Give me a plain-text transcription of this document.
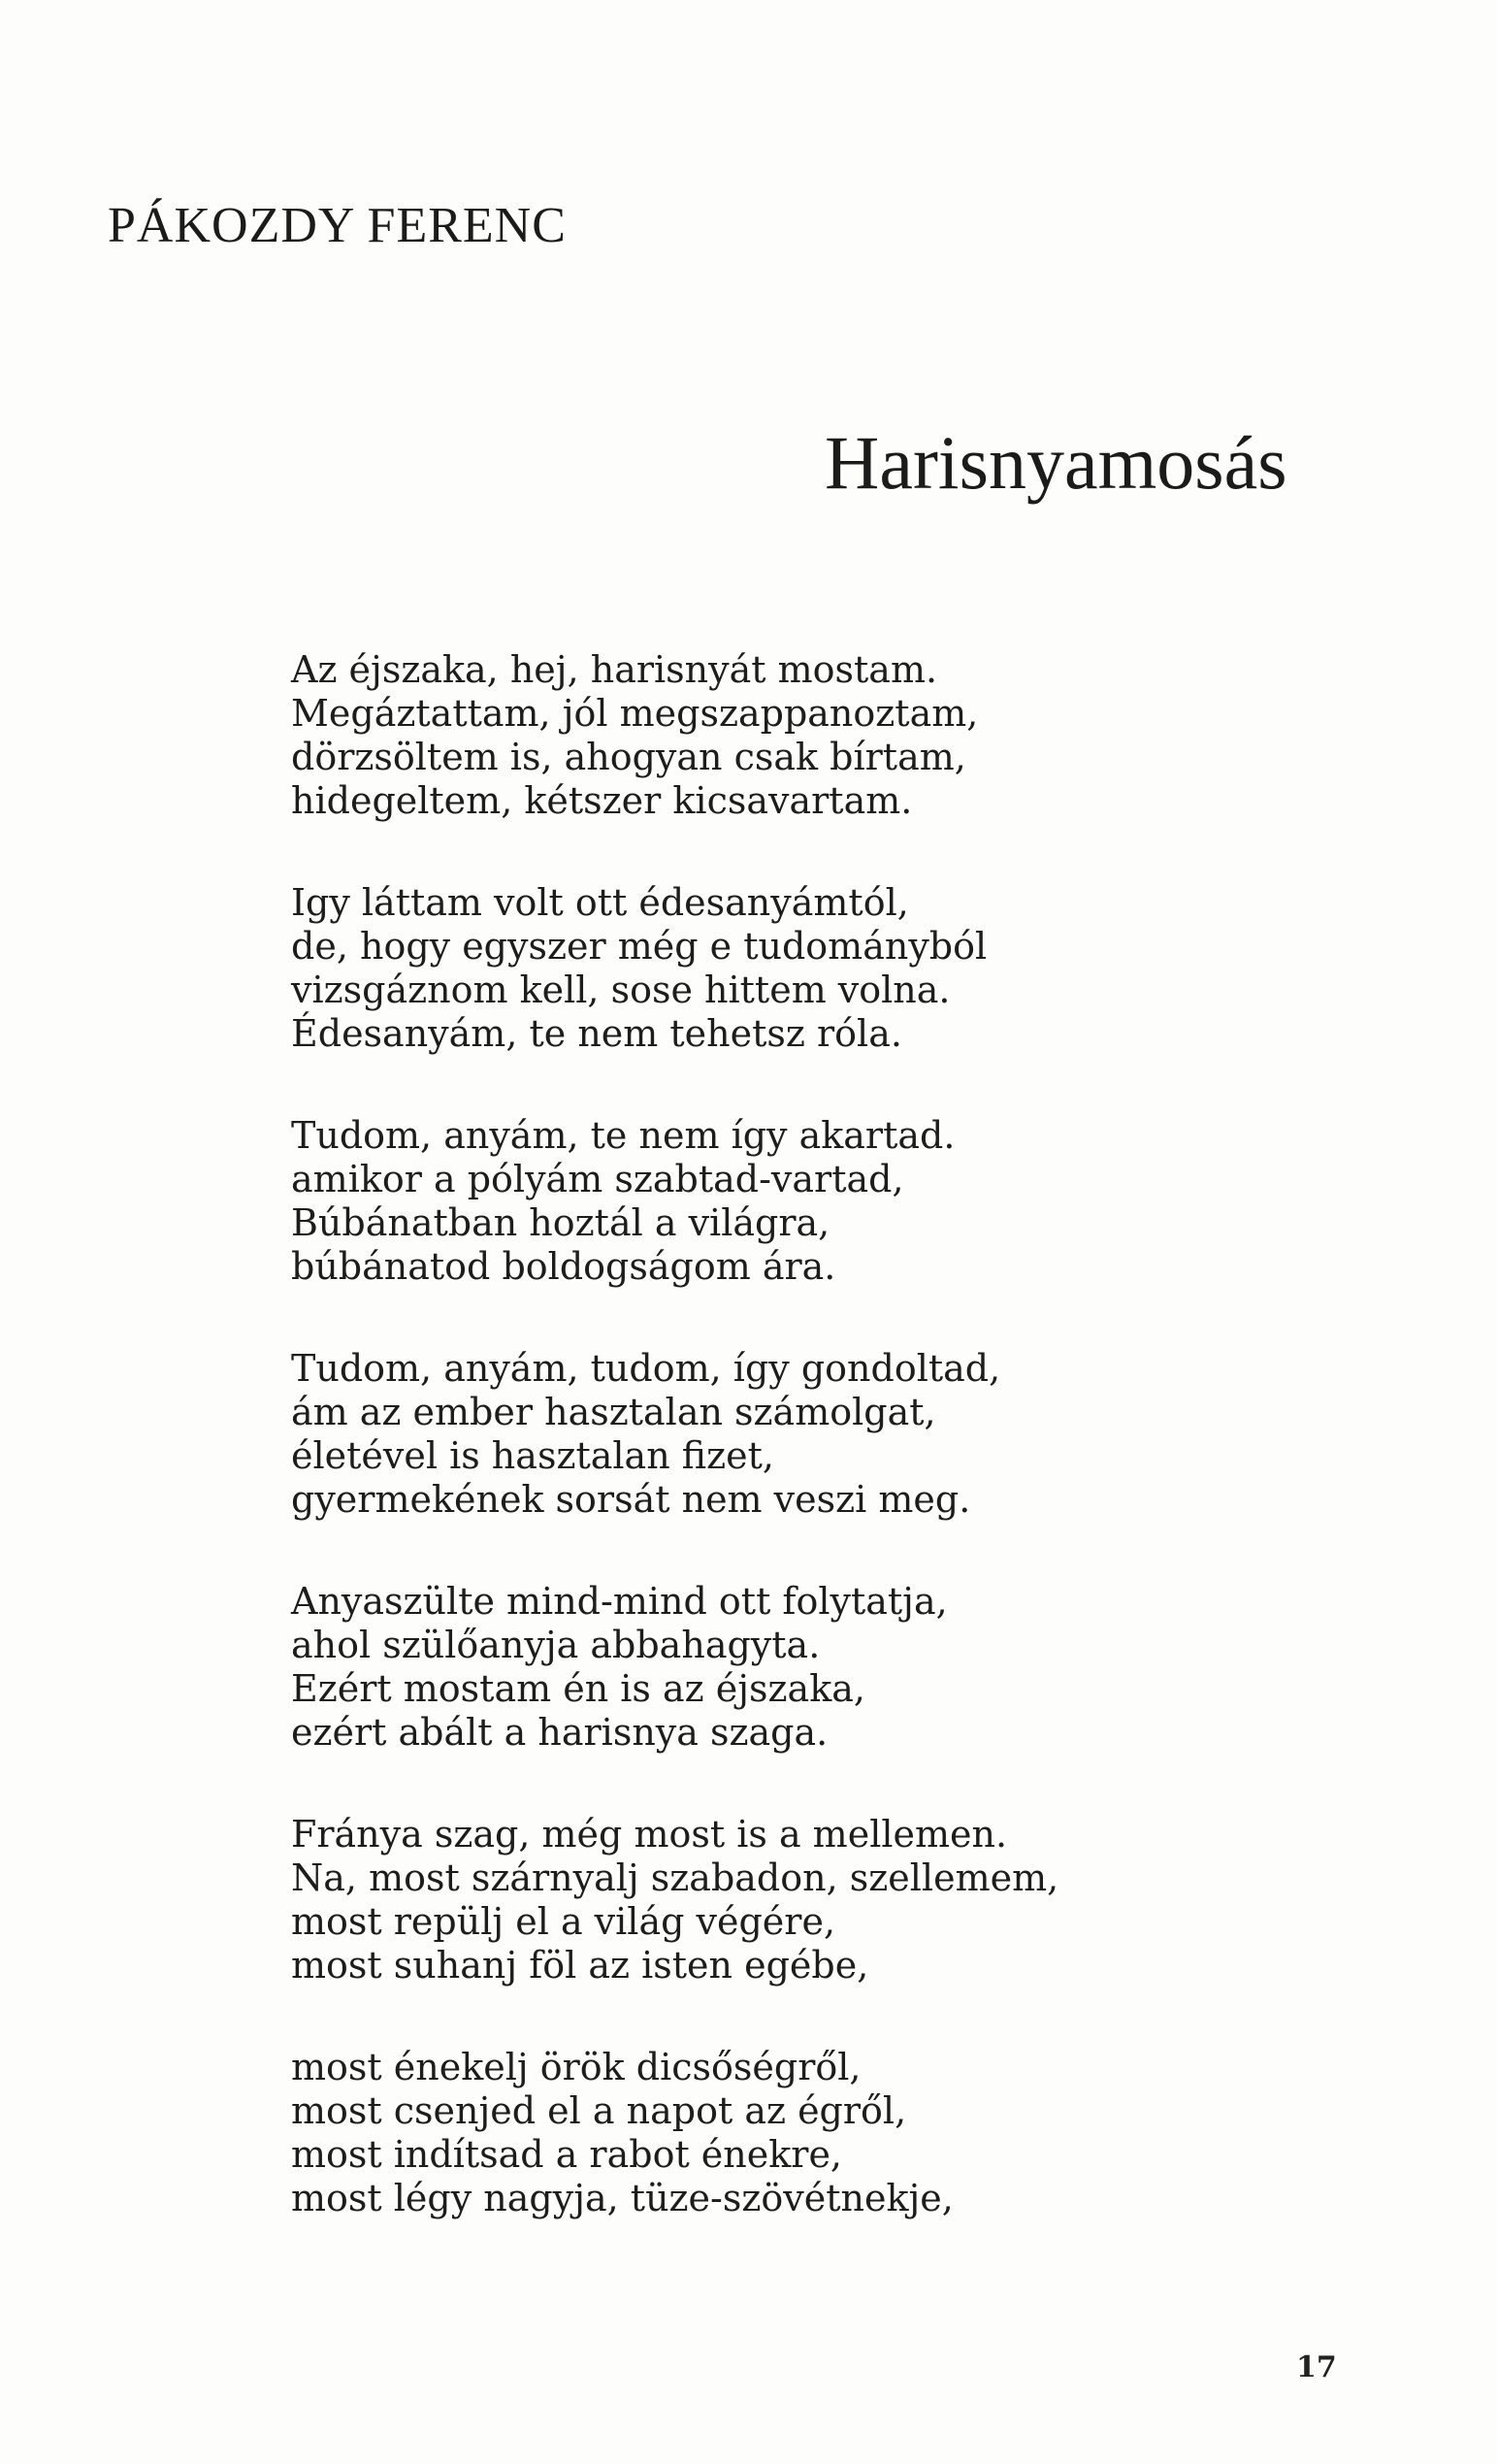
PÁKOZDY FERENC
Harisnyamosás
Az éjszaka, hej, harisnyát mostam.
Megáztattam, jól megszappanoztam,
dörzsöltem is, ahogyan csak bírtam,
hidegeltem, kétszer kicsavartam.
Igy láttam volt ott édesanyámtól,
de, hogy egyszer még e tudományból
vizsgáznom kell, sose hittem volna.
Édesanyám, te nem tehetsz róla.
Tudom, anyám, te nem így akartad.
amikor a pólyám szabtad-vartad,
Búbánatban hoztál a világra,
búbánatod boldogságom ára.
Tudom, anyám, tudom, így gondoltad,
ám az ember hasztalan számolgat,
életével is hasztalan fizet,
gyermekének sorsát nem veszi meg.
Anyaszülte mind-mind ott folytatja,
ahol szülőanyja abbahagyta.
Ezért mostam én is az éjszaka,
ezért abált a harisnya szaga.
Fránya szag, még most is a mellemen.
Na, most szárnyalj szabadon, szellemem,
most repülj el a világ végére,
most suhanj föl az isten egébe,
most énekelj örök dicsőségről,
most csenjed el a napot az égről,
most indítsad a rabot énekre,
most légy nagyja, tüze-szövétnekje,
17
